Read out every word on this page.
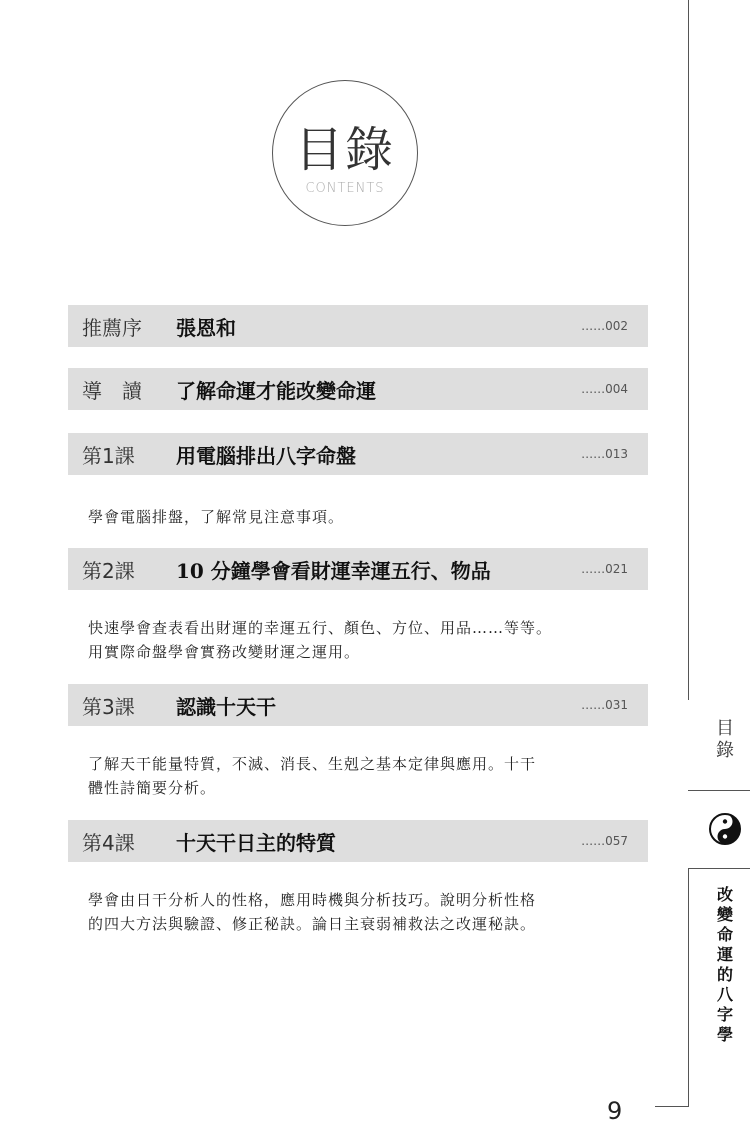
目錄
CONTENTS
推薦序 張恩和	……002
導　讀 了解命運才能改變命運	……004
第1課 用電腦排出八字命盤	……013
學會電腦排盤，了解常見注意事項。
第2課 10 分鐘學會看財運幸運五行、物品	……021
快速學會查表看出財運的幸運五行、顏色、方位、用品……等等。
用實際命盤學會實務改變財運之運用。
第3課 認識十天干	……031
了解天干能量特質，不滅、消長、生剋之基本定律與應用。十干
體性詩簡要分析。
第4課 十天干日主的特質	……057
學會由日干分析人的性格，應用時機與分析技巧。說明分析性格
的四大方法與驗證、修正秘訣。論日主衰弱補救法之改運秘訣。
目
錄
改
變
命
運
的
八
字
學
9
